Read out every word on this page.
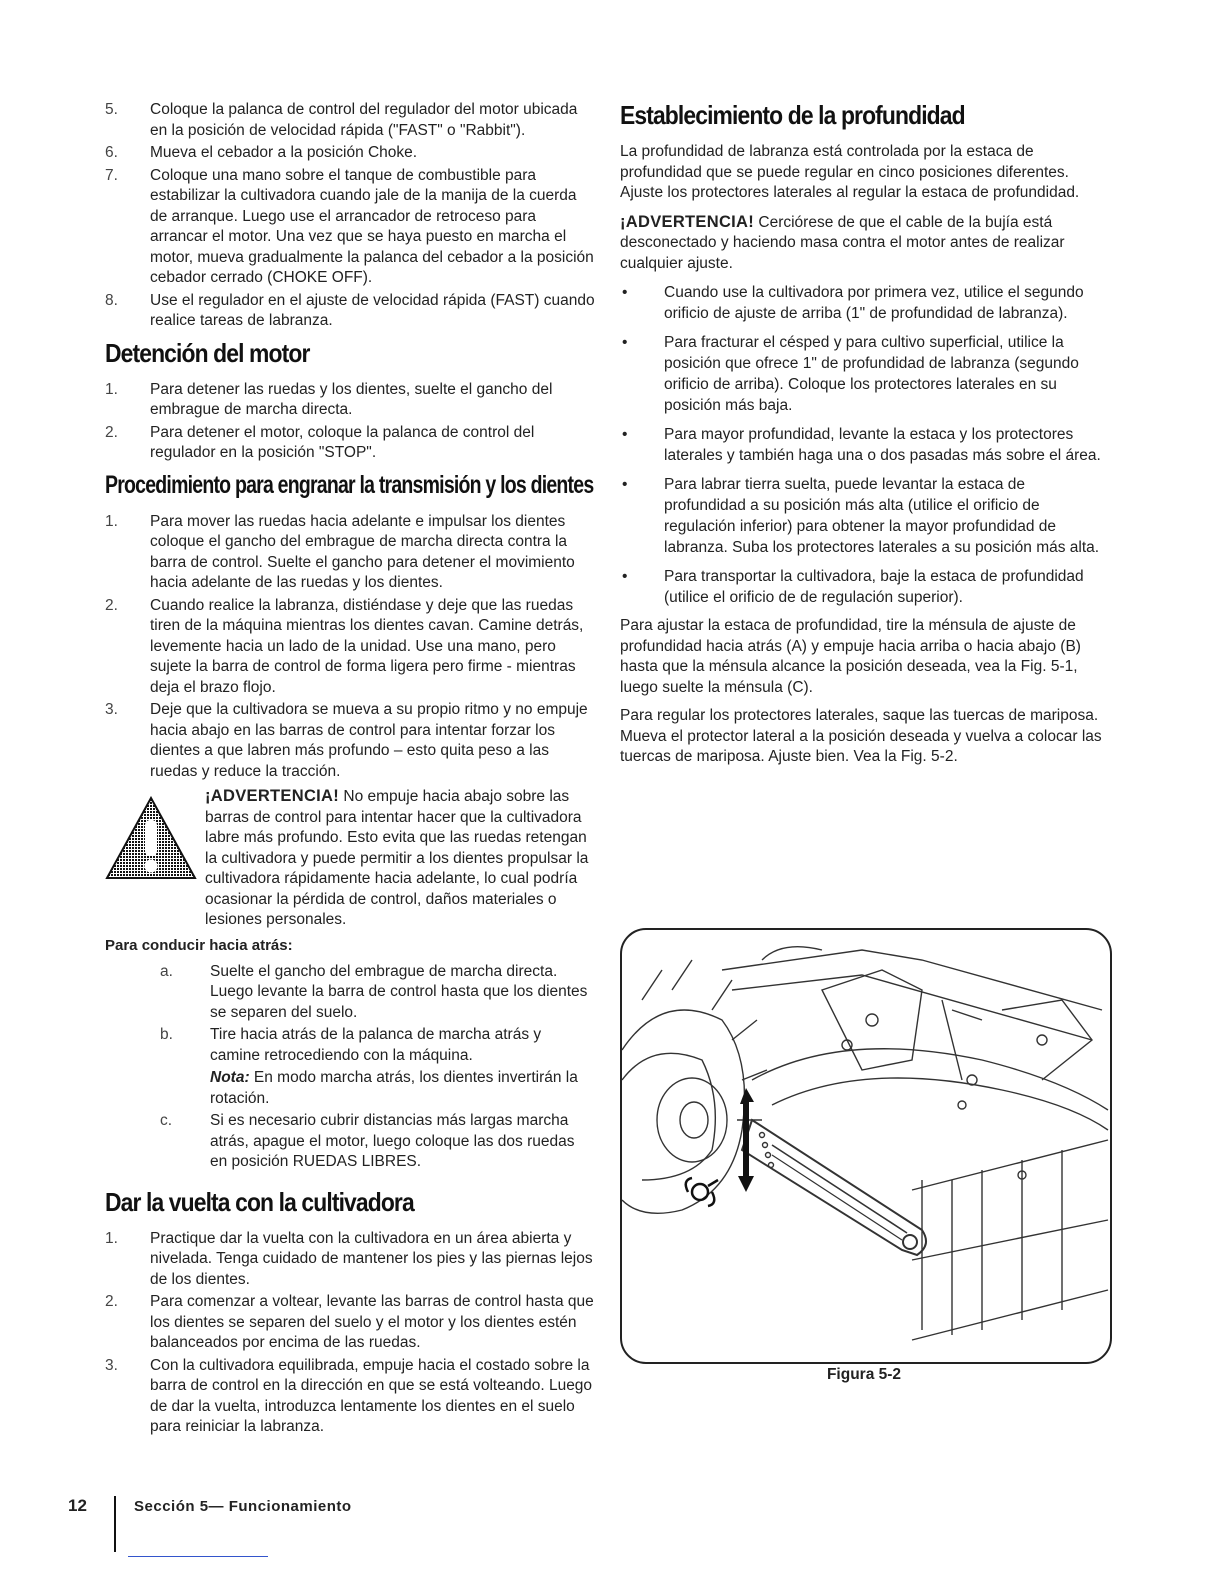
5.	Coloque la palanca de control del regulador del motor ubicada en la posición de velocidad rápida ("FAST" o "Rabbit").
6.	Mueva el cebador a la posición Choke.
7.	Coloque una mano sobre el tanque de combustible para estabilizar la cultivadora cuando jale de la manija de la cuerda de arranque. Luego use el arrancador de retroceso para arrancar el motor. Una vez que se haya puesto en marcha el motor, mueva gradualmente la palanca del cebador a la posición cebador cerrado (CHOKE OFF).
8.	Use el regulador en el ajuste de velocidad rápida (FAST) cuando realice tareas de labranza.
Detención del motor
1.	Para detener las ruedas y los dientes, suelte el gancho del embrague de marcha directa.
2.	Para detener el motor, coloque la palanca de control del regulador en la posición "STOP".
Procedimiento para engranar la transmisión y los dientes
1.	Para mover las ruedas hacia adelante e impulsar los dientes coloque el gancho del embrague de marcha directa contra la barra de control. Suelte el gancho para detener el movimiento hacia adelante de las ruedas y los dientes.
2.	Cuando realice la labranza, distiéndase y deje que las ruedas tiren de la máquina mientras los dientes cavan. Camine detrás, levemente hacia un lado de la unidad. Use una mano, pero sujete la barra de control de forma ligera pero firme - mientras deja el brazo flojo.
3.	Deje que la cultivadora se mueva a su propio ritmo y no empuje hacia abajo en las barras de control para intentar forzar los dientes a que labren más profundo – esto quita peso a las ruedas y reduce la tracción.
¡ADVERTENCIA! No empuje hacia abajo sobre las barras de control para intentar hacer que la cultivadora labre más profundo. Esto evita que las ruedas retengan la cultivadora y puede permitir a los dientes propulsar la cultivadora rápidamente hacia adelante, lo cual podría ocasionar la pérdida de control, daños materiales o lesiones personales.
Para conducir hacia atrás:
a.	Suelte el gancho del embrague de marcha directa. Luego levante la barra de control hasta que los dientes se separen del suelo.
b.	Tire hacia atrás de la palanca de marcha atrás y camine retrocediendo con la máquina.
Nota: En modo marcha atrás, los dientes invertirán la rotación.
c.	Si es necesario cubrir distancias más largas marcha atrás, apague el motor, luego coloque las dos ruedas en posición RUEDAS LIBRES.
Dar la vuelta con la cultivadora
1.	Practique dar la vuelta con la cultivadora en un área abierta y nivelada. Tenga cuidado de mantener los pies y las piernas lejos de los dientes.
2.	Para comenzar a voltear, levante las barras de control hasta que los dientes se separen del suelo y el motor y los dientes estén balanceados por encima de las ruedas.
3.	Con la cultivadora equilibrada, empuje hacia el costado sobre la barra de control en la dirección en que se está volteando. Luego de dar la vuelta, introduzca lentamente los dientes en el suelo para reiniciar la labranza.
Establecimiento de la profundidad

La profundidad de labranza está controlada por la estaca de profundidad que se puede regular en cinco posiciones diferentes. Ajuste los protectores laterales al regular la estaca de profundidad.

¡ADVERTENCIA! Cerciórese de que el cable de la bujía está desconectado y haciendo masa contra el motor antes de realizar cualquier ajuste.

•	Cuando use la cultivadora por primera vez, utilice el segundo orificio de ajuste de arriba (1" de profundidad de labranza).
•	Para fracturar el césped y para cultivo superficial, utilice la posición que ofrece 1" de profundidad de labranza (segundo orificio de arriba). Coloque los protectores laterales en su posición más baja.
•	Para mayor profundidad, levante la estaca y los protectores laterales y también haga una o dos pasadas más sobre el área.
•	Para labrar tierra suelta, puede levantar la estaca de profundidad a su posición más alta (utilice el orificio de regulación inferior) para obtener la mayor profundidad de labranza. Suba los protectores laterales a su posición más alta.
•	Para transportar la cultivadora, baje la estaca de profundidad (utilice el orificio de de regulación superior).

Para ajustar la estaca de profundidad, tire la ménsula de ajuste de profundidad hacia atrás (A) y empuje hacia arriba o hacia abajo (B) hasta que la ménsula alcance la posición deseada, vea la Fig. 5-1, luego suelte la ménsula (C).

Para regular los protectores laterales, saque las tuercas de mariposa. Mueva el protector lateral a la posición deseada y vuelva a colocar las tuercas de mariposa. Ajuste bien. Vea la Fig. 5-2.

Figura 5-2
12	Sección 5— Funcionamiento
